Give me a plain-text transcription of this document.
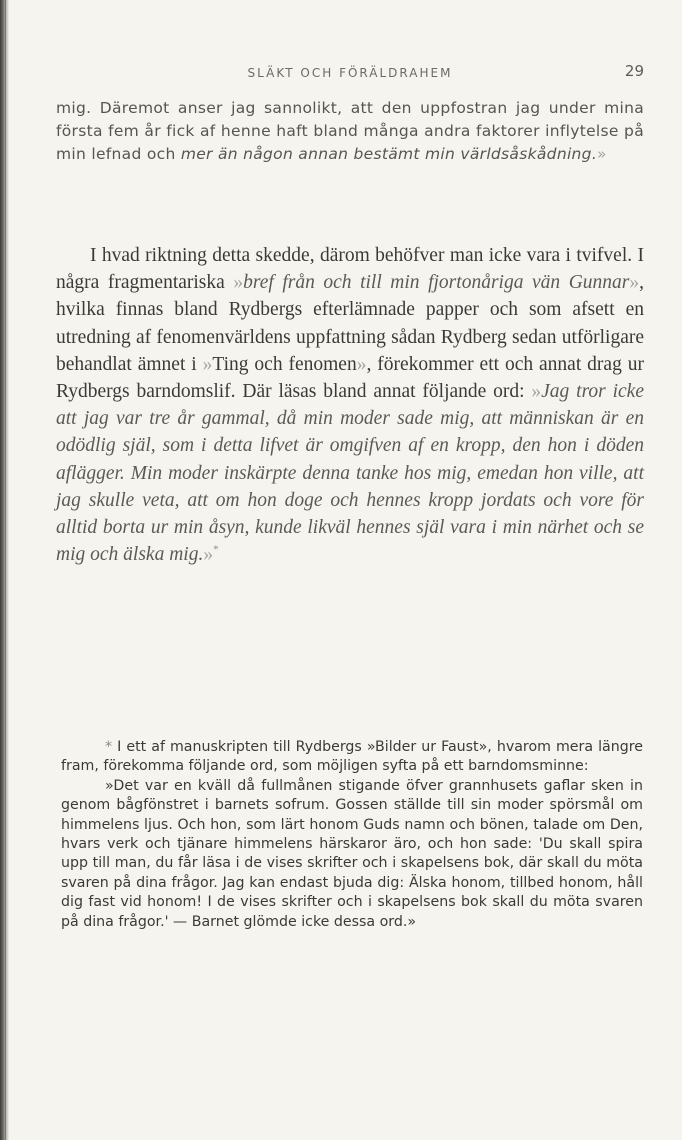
SLÄKT OCH FÖRÄLDRAHEM	29
mig. Däremot anser jag sannolikt, att den uppfostran jag under mina första fem år fick af henne haft bland många andra faktorer inflytelse på min lefnad och mer än någon annan bestämt min världsåskådning.»
I hvad riktning detta skedde, därom behöfver man icke vara i tvifvel. I några fragmentariska »bref från och till min fjortonåriga vän Gunnar», hvilka finnas bland Rydbergs efterlämnade papper och som afsett en utredning af fenomenvärldens uppfattning sådan Rydberg sedan utförligare behandlat ämnet i »Ting och fenomen», förekommer ett och annat drag ur Rydbergs barndomslif. Där läsas bland annat följande ord: »Jag tror icke att jag var tre år gammal, då min moder sade mig, att människan är en odödlig själ, som i detta lifvet är omgifven af en kropp, den hon i döden aflägger. Min moder inskärpte denna tanke hos mig, emedan hon ville, att jag skulle veta, att om hon doge och hennes kropp jordats och vore för alltid borta ur min åsyn, kunde likväl hennes själ vara i min närhet och se mig och älska mig.»*

* I ett af manuskripten till Rydbergs »Bilder ur Faust», hvarom mera längre fram, förekomma följande ord, som möjligen syfta på ett barndomsminne:

»Det var en kväll då fullmånen stigande öfver grannhusets gaflar sken in genom bågfönstret i barnets sofrum. Gossen ställde till sin moder spörsmål om himmelens ljus. Och hon, som lärt honom Guds namn och bönen, talade om Den, hvars verk och tjänare himmelens härskaror äro, och hon sade: 'Du skall spira upp till man, du får läsa i de vises skrifter och i skapelsens bok, där skall du möta svaren på dina frågor. Jag kan endast bjuda dig: Älska honom, tillbed honom, håll dig fast vid honom! I de vises skrifter och i skapelsens bok skall du möta svaren på dina frågor.' — Barnet glömde icke dessa ord.»
